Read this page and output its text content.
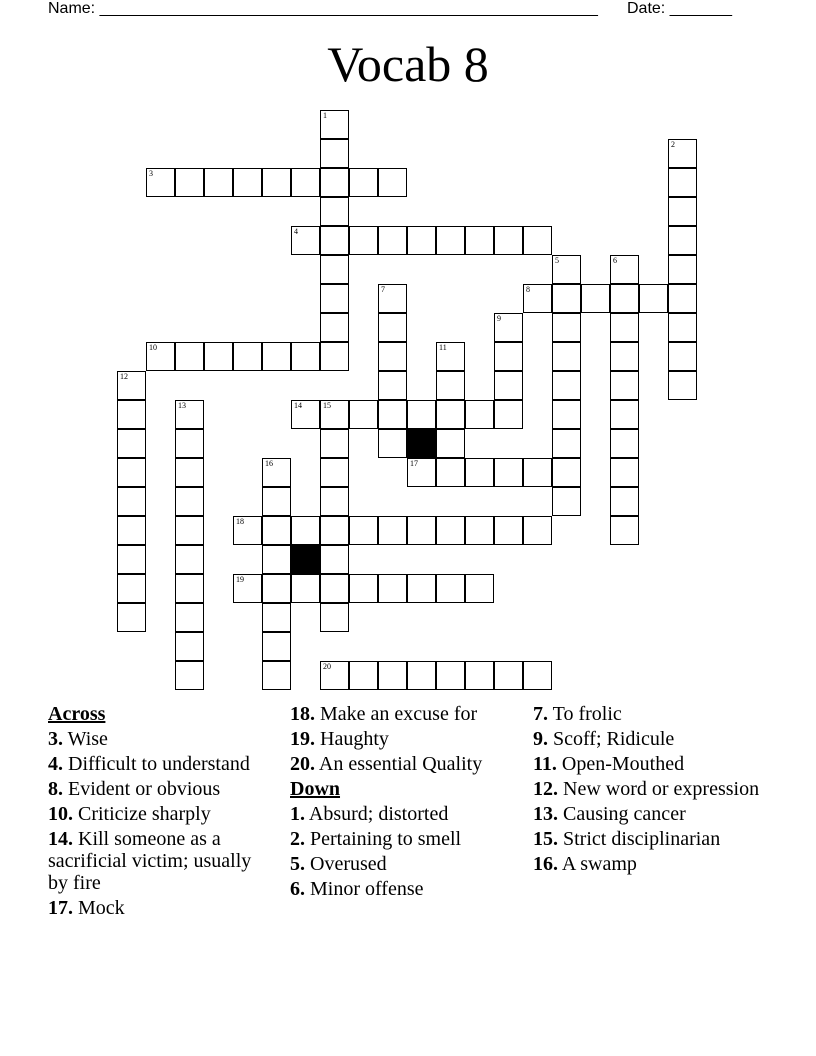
Name: ________________________________________________________ Date: _______
Vocab 8
3
4
8
10
14	15
17
18
19
20
1
2
5	6
7
9
11
12
13
16
Across
3. Wise
4. Difficult to understand
8. Evident or obvious
10. Criticize sharply
14. Kill someone as a sacrificial victim; usually by fire
17. Mock
18. Make an excuse for
19. Haughty
20. An essential Quality
Down
1. Absurd; distorted
2. Pertaining to smell
5. Overused
6. Minor offense
7. To frolic
9. Scoff; Ridicule
11. Open-Mouthed
12. New word or expression
13. Causing cancer
15. Strict disciplinarian
16. A swamp
